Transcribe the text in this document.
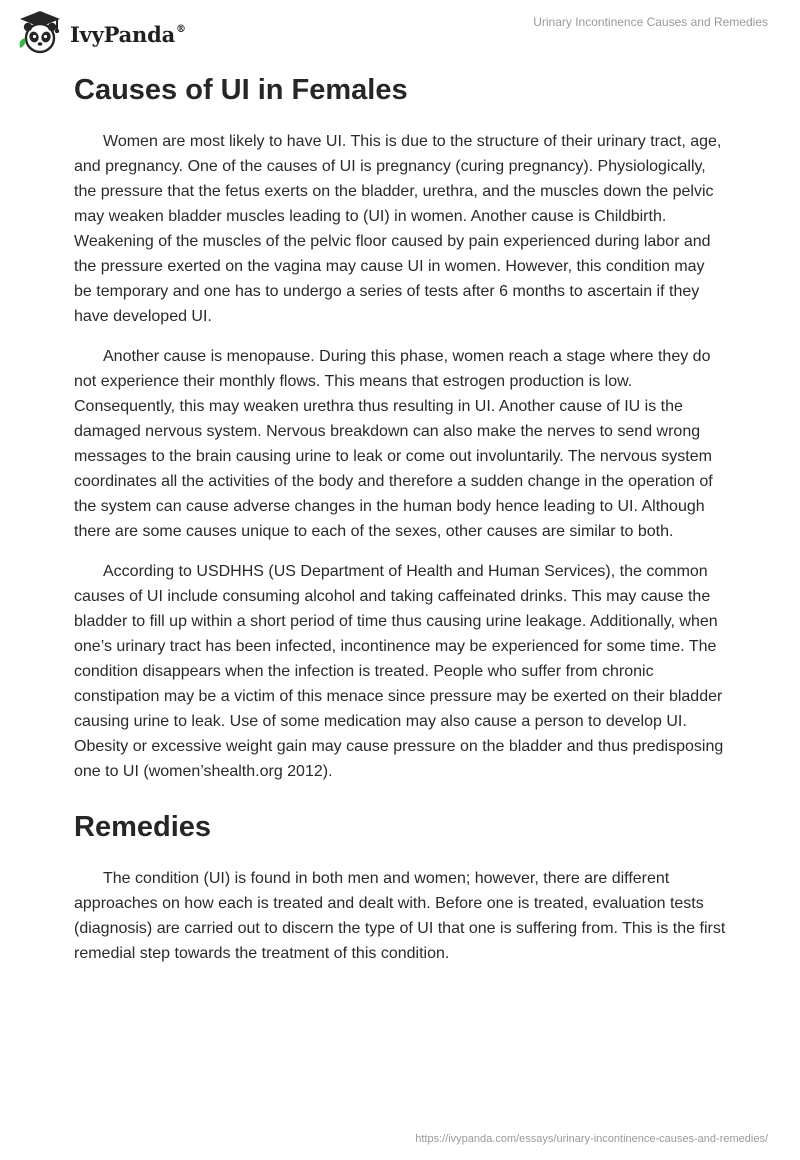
IvyPanda®	Urinary Incontinence Causes and Remedies
Causes of UI in Females

Women are most likely to have UI. This is due to the structure of their urinary tract, age, and pregnancy. One of the causes of UI is pregnancy (curing pregnancy). Physiologically, the pressure that the fetus exerts on the bladder, urethra, and the muscles down the pelvic may weaken bladder muscles leading to (UI) in women. Another cause is Childbirth. Weakening of the muscles of the pelvic floor caused by pain experienced during labor and the pressure exerted on the vagina may cause UI in women. However, this condition may be temporary and one has to undergo a series of tests after 6 months to ascertain if they have developed UI.

Another cause is menopause. During this phase, women reach a stage where they do not experience their monthly flows. This means that estrogen production is low. Consequently, this may weaken urethra thus resulting in UI. Another cause of IU is the damaged nervous system. Nervous breakdown can also make the nerves to send wrong messages to the brain causing urine to leak or come out involuntarily. The nervous system coordinates all the activities of the body and therefore a sudden change in the operation of the system can cause adverse changes in the human body hence leading to UI. Although there are some causes unique to each of the sexes, other causes are similar to both.

According to USDHHS (US Department of Health and Human Services), the common causes of UI include consuming alcohol and taking caffeinated drinks. This may cause the bladder to fill up within a short period of time thus causing urine leakage. Additionally, when one’s urinary tract has been infected, incontinence may be experienced for some time. The condition disappears when the infection is treated. People who suffer from chronic constipation may be a victim of this menace since pressure may be exerted on their bladder causing urine to leak. Use of some medication may also cause a person to develop UI. Obesity or excessive weight gain may cause pressure on the bladder and thus predisposing one to UI (women’shealth.org 2012).

Remedies

The condition (UI) is found in both men and women; however, there are different approaches on how each is treated and dealt with. Before one is treated, evaluation tests (diagnosis) are carried out to discern the type of UI that one is suffering from. This is the first remedial step towards the treatment of this condition.

https://ivypanda.com/essays/urinary-incontinence-causes-and-remedies/
